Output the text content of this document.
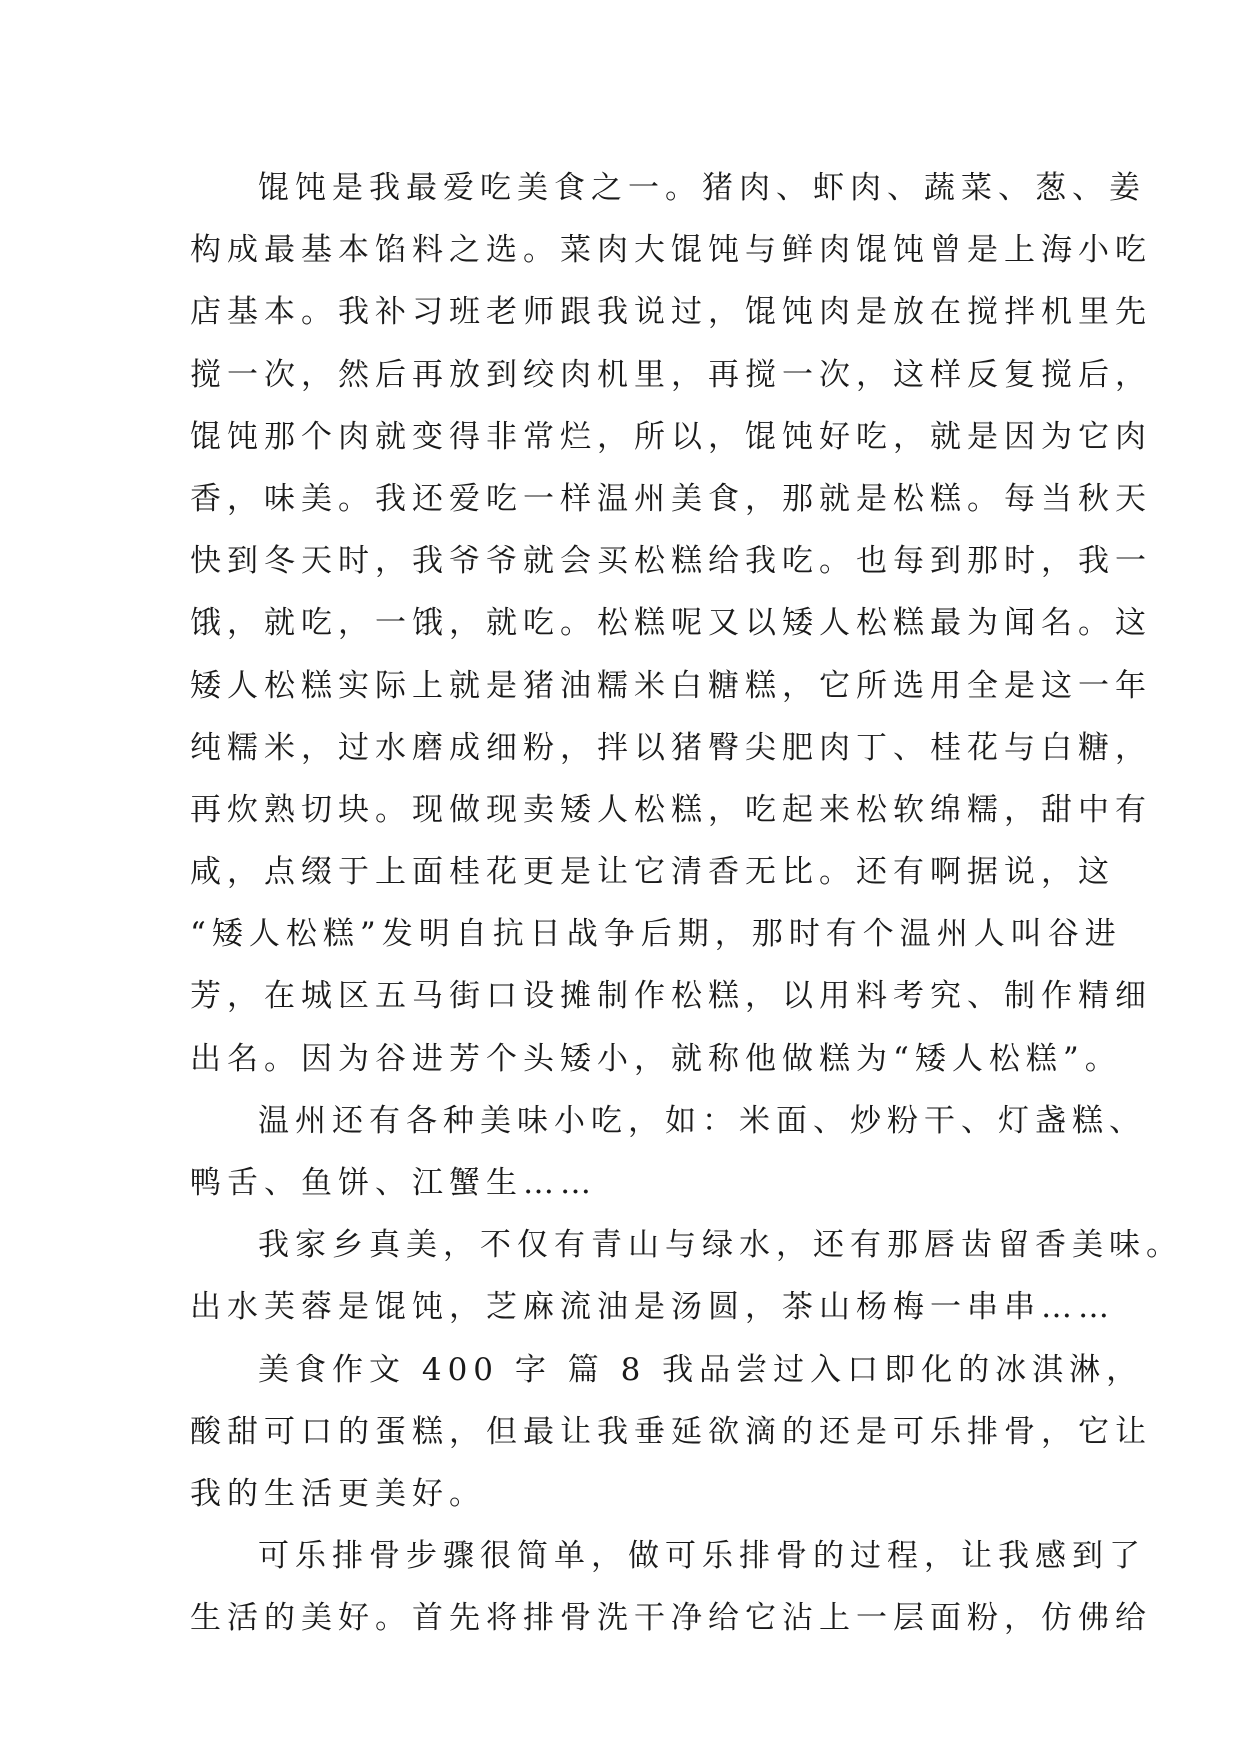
馄饨是我最爱吃美食之一。猪肉、虾肉、蔬菜、葱、姜
构成最基本馅料之选。菜肉大馄饨与鲜肉馄饨曾是上海小吃
店基本。我补习班老师跟我说过，馄饨肉是放在搅拌机里先
搅一次，然后再放到绞肉机里，再搅一次，这样反复搅后，
馄饨那个肉就变得非常烂，所以，馄饨好吃，就是因为它肉
香，味美。我还爱吃一样温州美食，那就是松糕。每当秋天
快到冬天时，我爷爷就会买松糕给我吃。也每到那时，我一
饿，就吃，一饿，就吃。松糕呢又以矮人松糕最为闻名。这
矮人松糕实际上就是猪油糯米白糖糕，它所选用全是这一年
纯糯米，过水磨成细粉，拌以猪臀尖肥肉丁、桂花与白糖，
再炊熟切块。现做现卖矮人松糕，吃起来松软绵糯，甜中有
咸，点缀于上面桂花更是让它清香无比。还有啊据说，这
“矮人松糕”发明自抗日战争后期，那时有个温州人叫谷进
芳，在城区五马街口设摊制作松糕，以用料考究、制作精细
出名。因为谷进芳个头矮小，就称他做糕为“矮人松糕”。
温州还有各种美味小吃，如：米面、炒粉干、灯盏糕、
鸭舌、鱼饼、江蟹生……
我家乡真美，不仅有青山与绿水，还有那唇齿留香美味。
出水芙蓉是馄饨，芝麻流油是汤圆，茶山杨梅一串串……
美食作文 400 字 篇 8 我品尝过入口即化的冰淇淋，
酸甜可口的蛋糕，但最让我垂延欲滴的还是可乐排骨，它让
我的生活更美好。
可乐排骨步骤很简单，做可乐排骨的过程，让我感到了
生活的美好。首先将排骨洗干净给它沾上一层面粉，仿佛给
